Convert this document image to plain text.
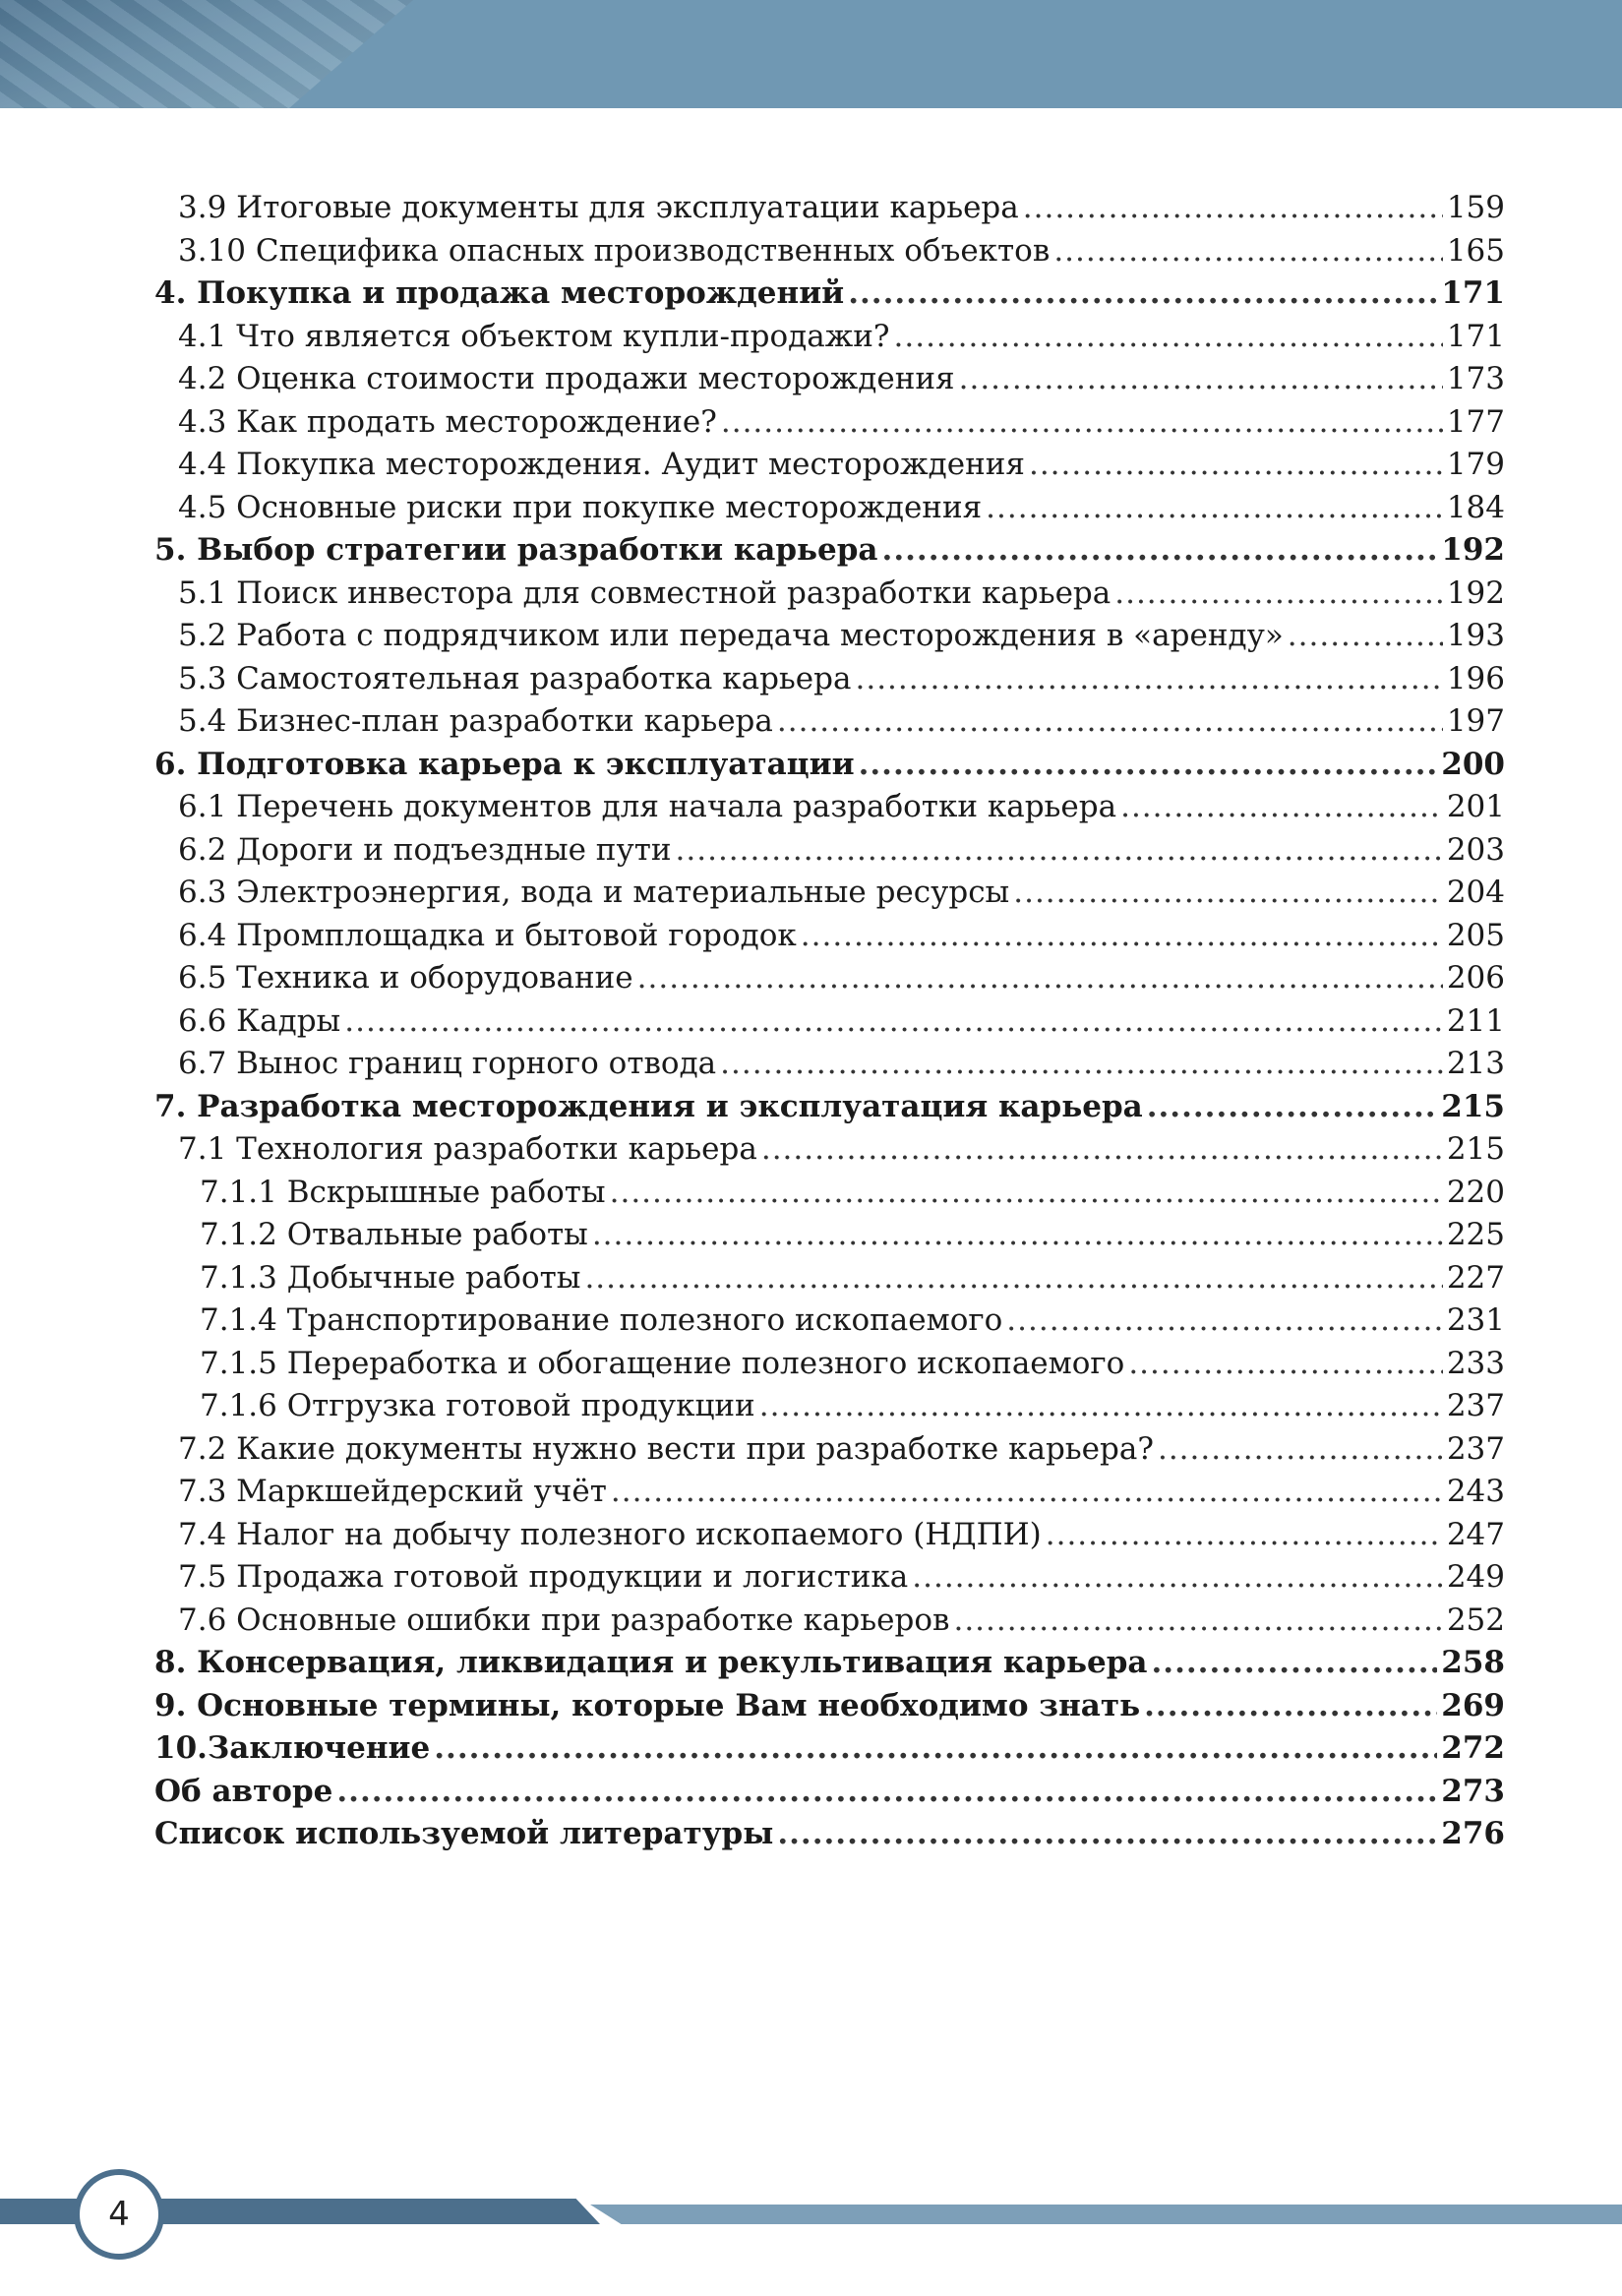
3.9 Итоговые документы для эксплуатации карьера .....	159
3.10 Специфика опасных производственных объектов .....	165
4. Покупка и продажа месторождений .....	171
4.1 Что является объектом купли-продажи? .....	171
4.2 Оценка стоимости продажи месторождения .....	173
4.3 Как продать месторождение? .....	177
4.4 Покупка месторождения. Аудит месторождения .....	179
4.5 Основные риски при покупке месторождения .....	184
5. Выбор стратегии разработки карьера .....	192
5.1 Поиск инвестора для совместной разработки карьера .....	192
5.2 Работа с подрядчиком или передача месторождения в «аренду» .....	193
5.3 Самостоятельная разработка карьера .....	196
5.4 Бизнес-план разработки карьера .....	197
6. Подготовка карьера к эксплуатации .....	200
6.1 Перечень документов для начала разработки карьера .....	201
6.2 Дороги и подъездные пути .....	203
6.3 Электроэнергия, вода и материальные ресурсы .....	204
6.4 Промплощадка и бытовой городок .....	205
6.5 Техника и оборудование .....	206
6.6 Кадры .....	211
6.7 Вынос границ горного отвода .....	213
7. Разработка месторождения и эксплуатация карьера .....	215
7.1 Технология разработки карьера .....	215
7.1.1 Вскрышные работы .....	220
7.1.2 Отвальные работы .....	225
7.1.3 Добычные работы .....	227
7.1.4 Транспортирование полезного ископаемого .....	231
7.1.5 Переработка и обогащение полезного ископаемого .....	233
7.1.6 Отгрузка готовой продукции .....	237
7.2 Какие документы нужно вести при разработке карьера? .....	237
7.3 Маркшейдерский учёт .....	243
7.4 Налог на добычу полезного ископаемого (НДПИ) .....	247
7.5 Продажа готовой продукции и логистика .....	249
7.6 Основные ошибки при разработке карьеров .....	252
8. Консервация, ликвидация и рекультивация карьера .....	258
9. Основные термины, которые Вам необходимо знать .....	269
10.Заключение .....	272
Об авторе .....	273
Список используемой литературы .....	276
4
